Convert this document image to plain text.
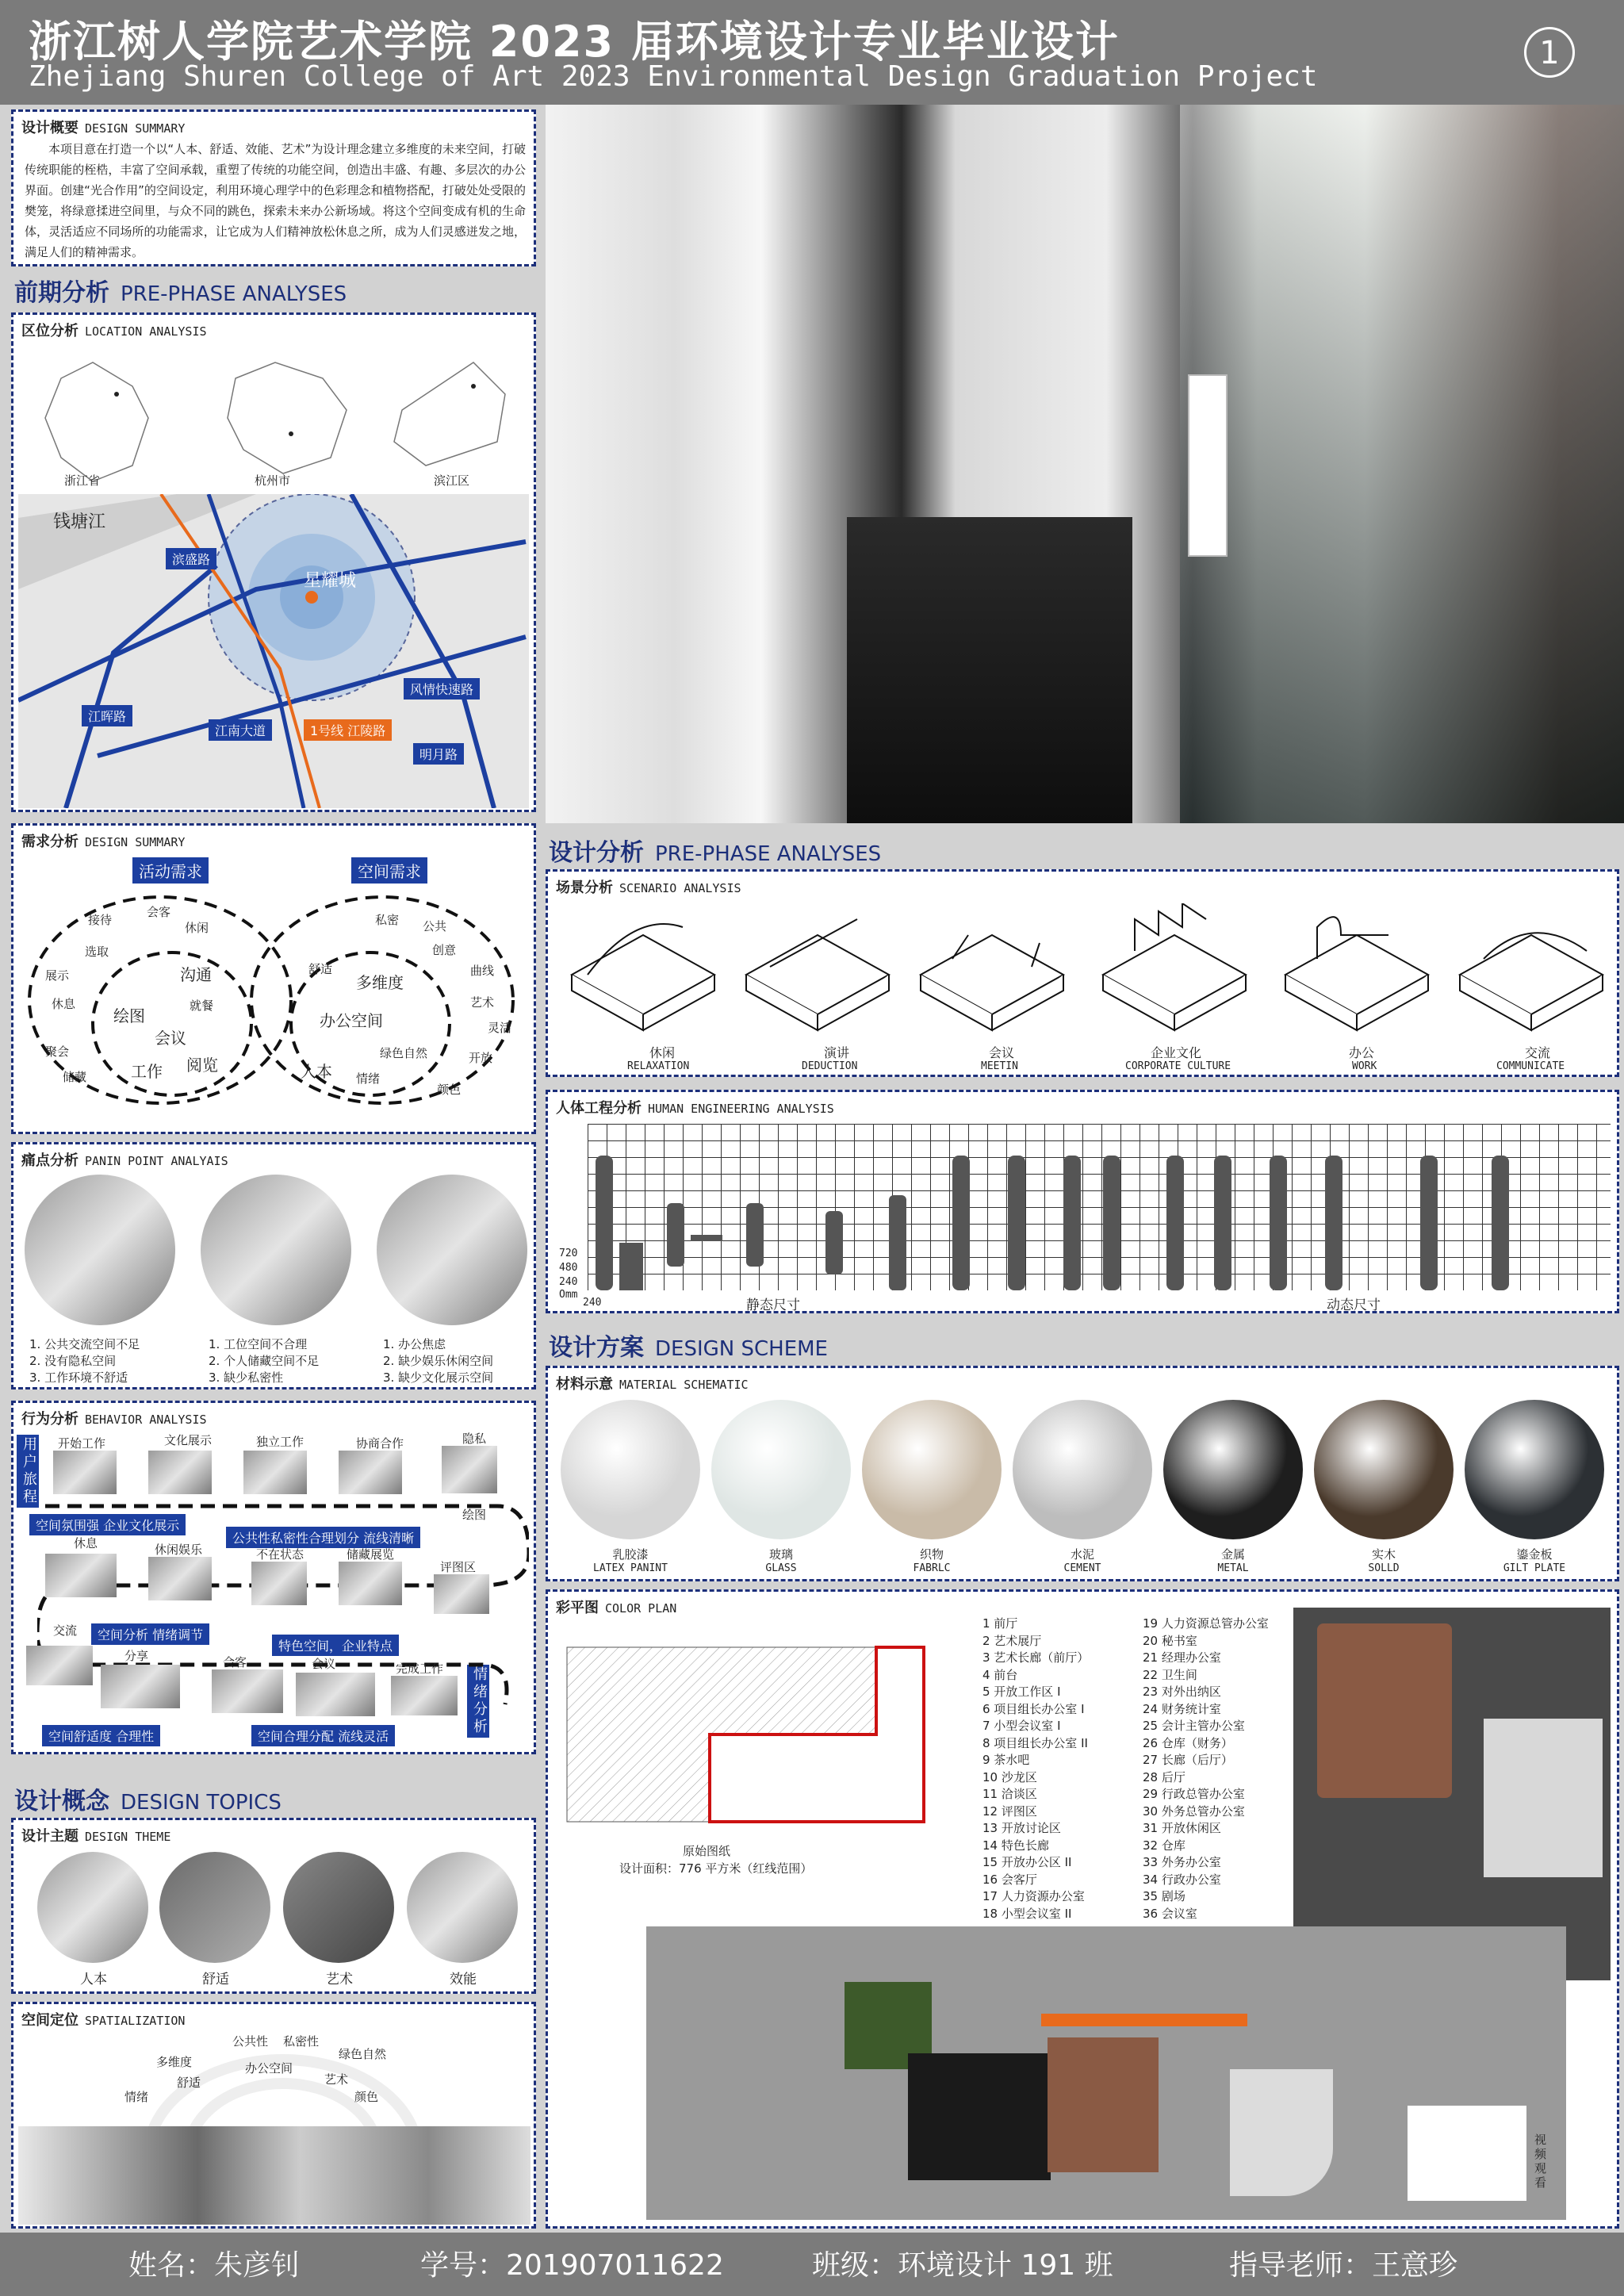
浙江树人学院艺术学院 2023 届环境设计专业毕业设计
Zhejiang Shuren College of Art 2023 Environmental Design Graduation Project
1
设计概要 DESIGN SUMMARY
本项目意在打造一个以“人本、舒适、效能、艺术”为设计理念建立多维度的未来空间，打破传统职能的桎梏，丰富了空间承载，重塑了传统的功能空间，创造出丰盛、有趣、多层次的办公界面。创建“光合作用”的空间设定，利用环境心理学中的色彩理念和植物搭配，打破处处受限的樊笼，将绿意揉进空间里，与众不同的跳色，探索未来办公新场域。将这个空间变成有机的生命体，灵活适应不同场所的功能需求，让它成为人们精神放松休息之所，成为人们灵感迸发之地，满足人们的精神需求。
前期分析 PRE-PHASE ANALYSES
区位分析 LOCATION ANALYSIS
浙江省	杭州市	滨江区
钱塘江
滨盛路
星耀城
风情快速路
江晖路
江南大道	1号线 江陵路
明月路
需求分析 DESIGN SUMMARY
活动需求	空间需求
会客
接待
休闲
选取
展示	沟通
休息	就餐
绘图
会议
聚会
储藏	工作 阅览
私密 公共
创意
舒适
多维度
曲线
艺术
灵活
办公空间
绿色自然	开放
人本 情绪
颜色
痛点分析 PANIN POINT ANALYAIS
1. 公共交流空间不足
2. 没有隐私空间
3. 工作环境不舒适
1. 工位空间不合理
2. 个人储藏空间不足
3. 缺少私密性
1. 办公焦虑
2. 缺少娱乐休闲空间
3. 缺少文化展示空间
行为分析 BEHAVIOR ANALYSIS
用户旅程
情绪分析
开始工作	文化展示	独立工作	协商合作	隐私
绘图
空间氛围强 企业文化展示
公共性私密性合理划分 流线清晰
休息	休闲娱乐	不在状态	储藏展览
评图区
交流	空间分析 情绪调节
特色空间，企业特点
分享	会客	会议	完成工作
空间舒适度 合理性	空间合理分配 流线灵活
设计概念 DESIGN TOPICS
设计主题 DESIGN THEME
人本	舒适	艺术	效能
空间定位 SPATIALIZATION
公共性 私密性
绿色自然
多维度	办公空间
舒适	艺术
情绪	颜色
设计分析 PRE-PHASE ANALYSES
场景分析 SCENARIO ANALYSIS
休闲
RELAXATION
演讲
DEDUCTION
会议
MEETIN
企业文化
CORPORATE CULTURE
办公
WORK
交流
COMMUNICATE
人体工程分析 HUMAN ENGINEERING ANALYSIS
720
480
240
Omm
240	静态尺寸	动态尺寸
设计方案 DESIGN SCHEME
材料示意 MATERIAL SCHEMATIC
乳胶漆
LATEX PANINT
玻璃
GLASS
织物
FABRLC
水泥
CEMENT
金属
METAL
实木
SOLLD
鎏金板
GILT PLATE
彩平图 COLOR PLAN
原始图纸
设计面积：776 平方米（红线范围）
1 前厅
2 艺术展厅
3 艺术长廊（前厅）
4 前台
5 开放工作区 I
6 项目组长办公室 I
7 小型会议室 I
8 项目组长办公室 II
9 茶水吧
10 沙龙区
11 洽谈区
12 评图区
13 开放讨论区
14 特色长廊
15 开放办公区 II
16 会客厅
17 人力资源办公室
18 小型会议室 II
19 人力资源总管办公室
20 秘书室
21 经理办公室
22 卫生间
23 对外出纳区
24 财务统计室
25 会计主管办公室
26 仓库（财务）
27 长廊（后厅）
28 后厅
29 行政总管办公室
30 外务总管办公室
31 开放休闲区
32 仓库
33 外务办公室
34 行政办公室
35 剧场
36 会议室
视频观看
姓名：朱彦钊	学号：201907011622	班级：环境设计 191 班	指导老师：王意珍
